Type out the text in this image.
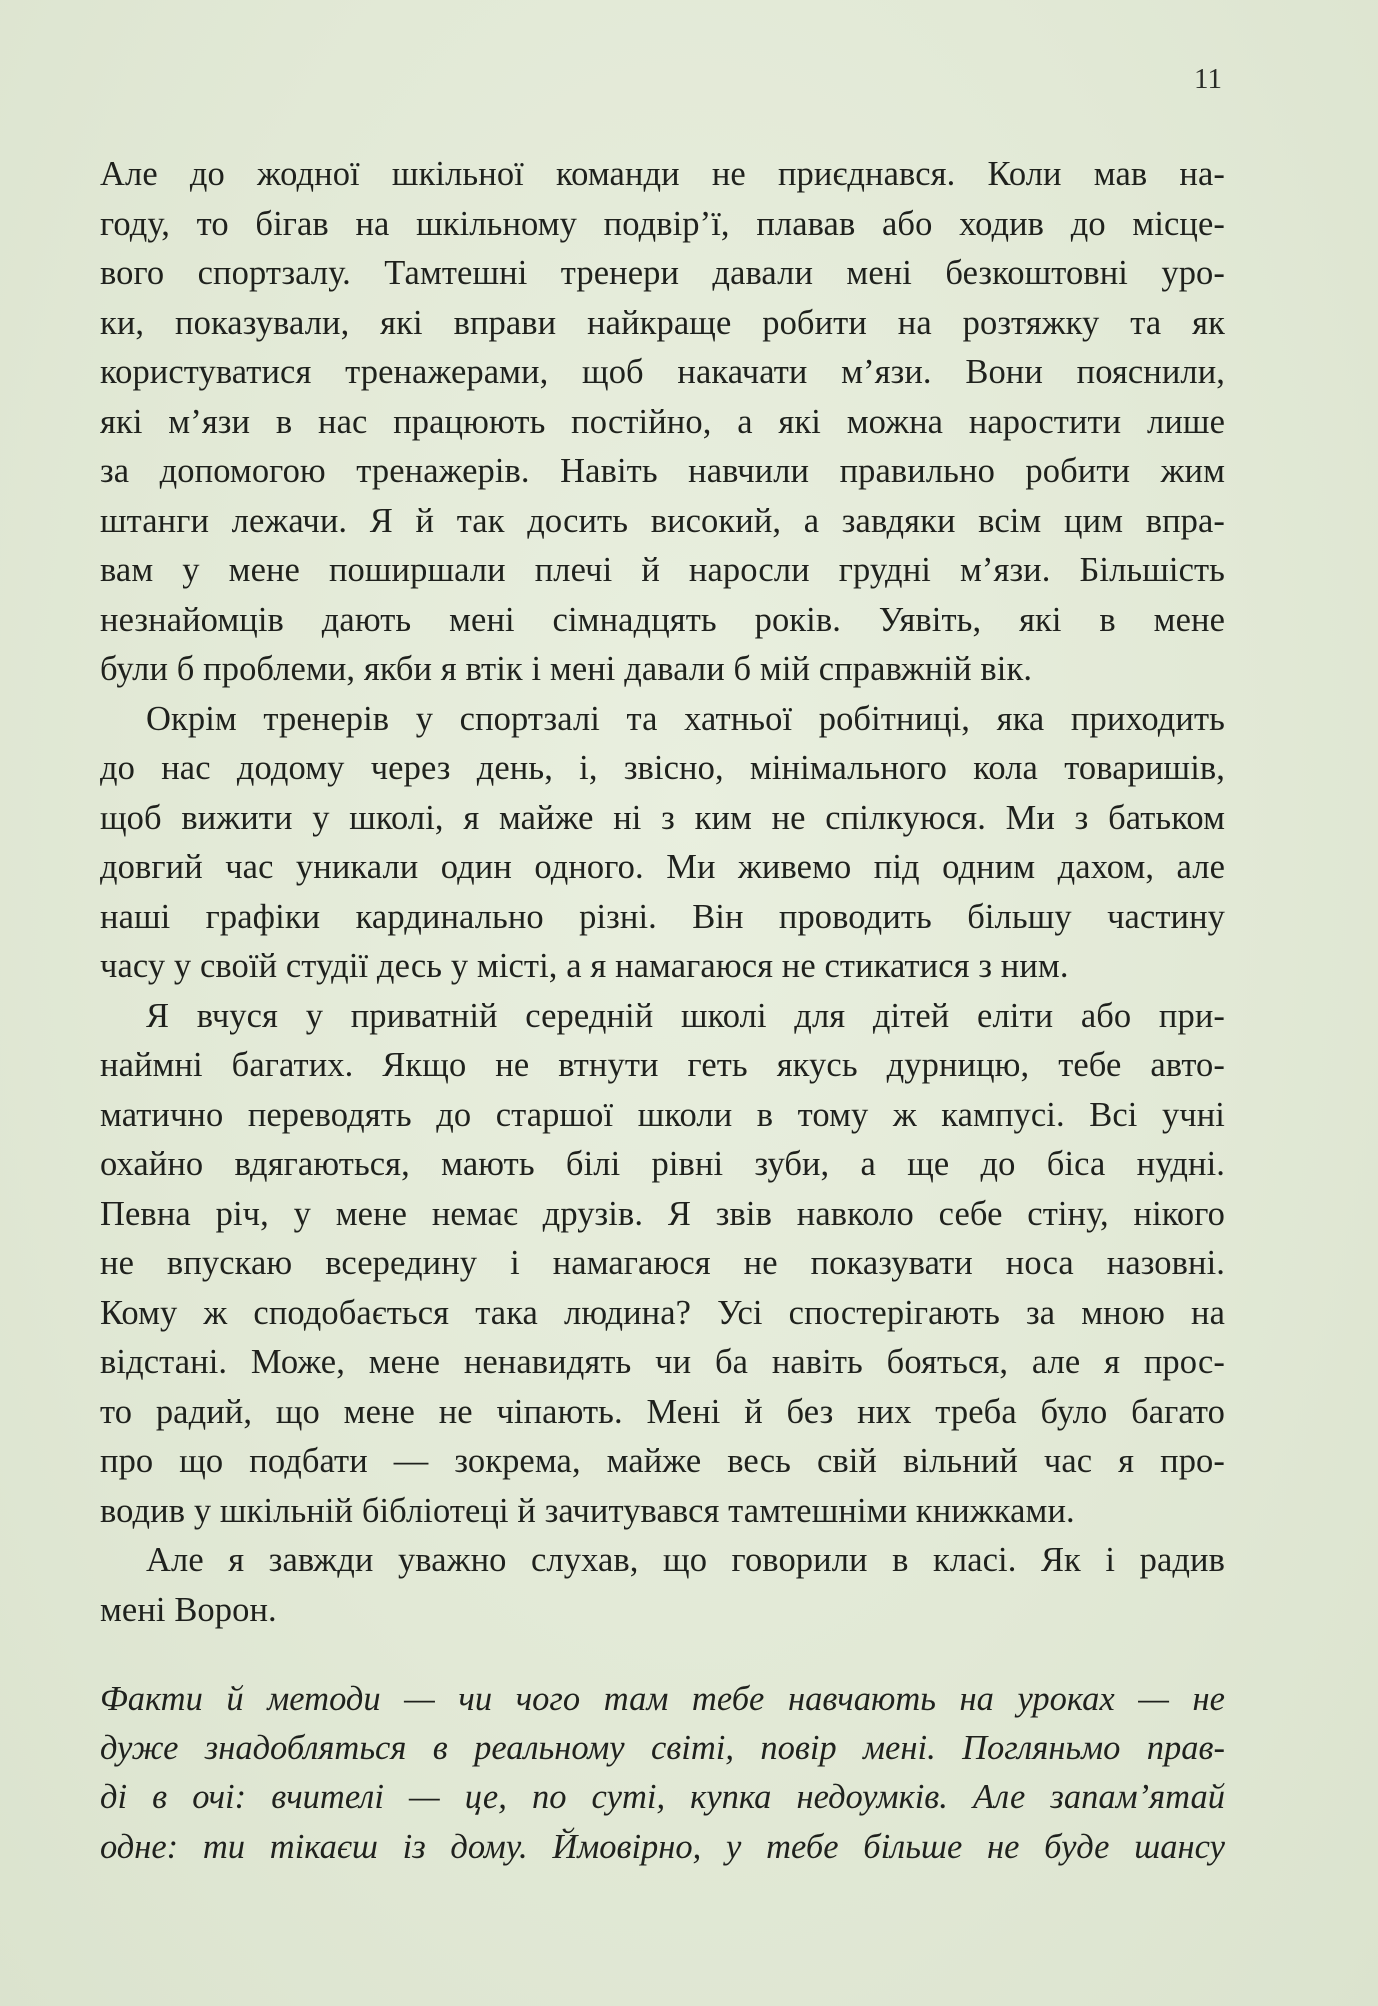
11
Але до жодної шкільної команди не приєднався. Коли мав на-
году, то бігав на шкільному подвір’ї, плавав або ходив до місце-
вого спортзалу. Тамтешні тренери давали мені безкоштовні уро-
ки, показували, які вправи найкраще робити на розтяжку та як
користуватися тренажерами, щоб накачати м’язи. Вони пояснили,
які м’язи в нас працюють постійно, а які можна наростити лише
за допомогою тренажерів. Навіть навчили правильно робити жим
штанги лежачи. Я й так досить високий, а завдяки всім цим впра-
вам у мене поширшали плечі й наросли грудні м’язи. Більшість
незнайомців дають мені сімнадцять років. Уявіть, які в мене
були б проблеми, якби я втік і мені давали б мій справжній вік.
Окрім тренерів у спортзалі та хатньої робітниці, яка приходить
до нас додому через день, і, звісно, мінімального кола товаришів,
щоб вижити у школі, я майже ні з ким не спілкуюся. Ми з батьком
довгий час уникали один одного. Ми живемо під одним дахом, але
наші графіки кардинально різні. Він проводить більшу частину
часу у своїй студії десь у місті, а я намагаюся не стикатися з ним.
Я вчуся у приватній середній школі для дітей еліти або при-
наймні багатих. Якщо не втнути геть якусь дурницю, тебе авто-
матично переводять до старшої школи в тому ж кампусі. Всі учні
охайно вдягаються, мають білі рівні зуби, а ще до біса нудні.
Певна річ, у мене немає друзів. Я звів навколо себе стіну, нікого
не впускаю всередину і намагаюся не показувати носа назовні.
Кому ж сподобається така людина? Усі спостерігають за мною на
відстані. Може, мене ненавидять чи ба навіть бояться, але я прос-
то радий, що мене не чіпають. Мені й без них треба було багато
про що подбати — зокрема, майже весь свій вільний час я про-
водив у шкільній бібліотеці й зачитувався тамтешніми книжками.
Але я завжди уважно слухав, що говорили в класі. Як і радив
мені Ворон.
Факти й методи — чи чого там тебе навчають на уроках — не
дуже знадобляться в реальному світі, повір мені. Погляньмо прав-
ді в очі: вчителі — це, по суті, купка недоумків. Але запам’ятай
одне: ти тікаєш із дому. Ймовірно, у тебе більше не буде шансу
